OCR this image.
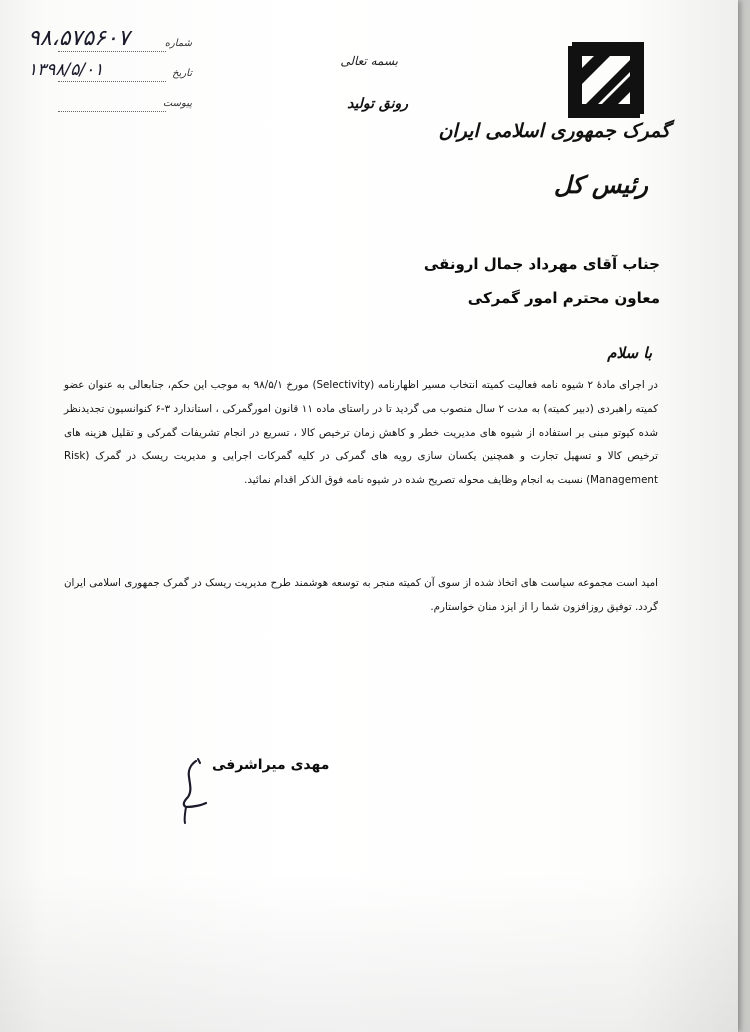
شماره
۹۸،۵۷۵۶۰۷
تاریخ
۱۳۹۸/۵/۰۱
پیوست
بسمه تعالی
رونق تولید
گمرک جمهوری اسلامی ایران
رئیس کل
جناب آقای مهرداد جمال ارونقی
معاون محترم امور گمرکی
با سلام

در اجرای مادۀ ۲ شیوه نامه فعالیت کمیته انتخاب مسیر اظهارنامه (Selectivity) مورخ ۹۸/۵/۱ به موجب این حکم، جنابعالی به عنوان عضو کمیته راهبردی (دبیر کمیته) به مدت ۲ سال منصوب می گردید تا در راستای ماده ۱۱ قانون امورگمرکی ، استاندارد ۳-۶ کنوانسیون تجدیدنظر شده کیوتو مبنی بر استفاده از شیوه های مدیریت خطر و کاهش زمان ترخیص کالا ، تسریع در انجام تشریفات گمرکی و تقلیل هزینه های ترخیص کالا و تسهیل تجارت و همچنین یکسان سازی رویه های گمرکی در کلیه گمرکات اجرایی و مدیریت ریسک در گمرک (Risk Management) نسبت به انجام وظایف محوله تصریح شده در شیوه نامه فوق الذکر اقدام نمائید.

امید است مجموعه سیاست های اتخاذ شده از سوی آن کمیته منجر به توسعه هوشمند طرح مدیریت ریسک در گمرک جمهوری اسلامی ایران گردد. توفیق روزافزون شما را از ایزد منان خواستارم.

مهدی میراشرفی
